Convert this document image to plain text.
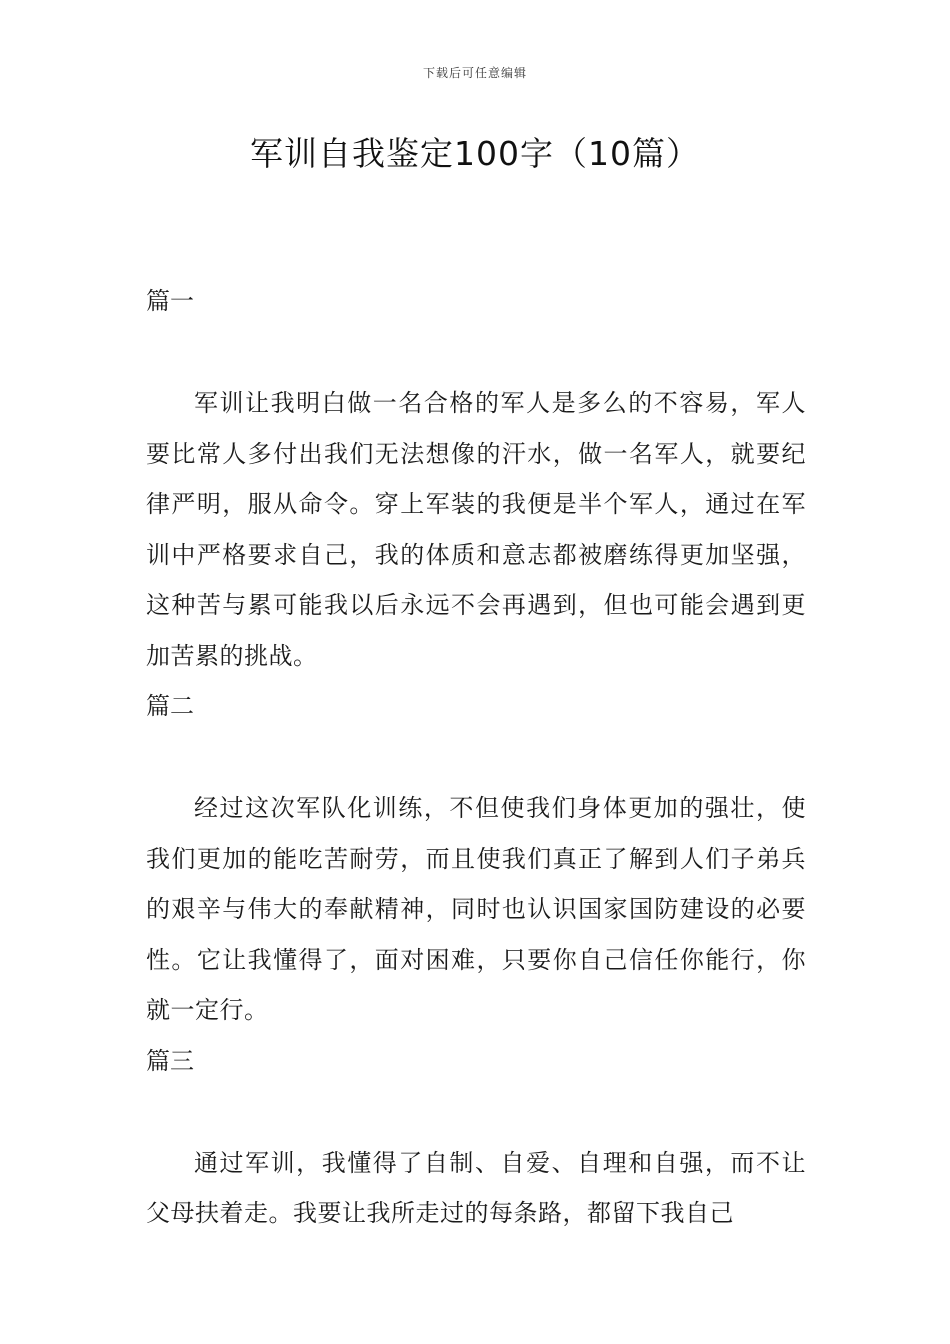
下载后可任意编辑
军训自我鉴定100字（10篇）
篇一

军训让我明白做一名合格的军人是多么的不容易，军人要比常人多付出我们无法想像的汗水，做一名军人，就要纪律严明，服从命令。穿上军装的我便是半个军人，通过在军训中严格要求自己，我的体质和意志都被磨练得更加坚强，这种苦与累可能我以后永远不会再遇到，但也可能会遇到更加苦累的挑战。

篇二

经过这次军队化训练，不但使我们身体更加的强壮，使我们更加的能吃苦耐劳，而且使我们真正了解到人们子弟兵的艰辛与伟大的奉献精神，同时也认识国家国防建设的必要性。它让我懂得了，面对困难，只要你自己信任你能行，你就一定行。

篇三

通过军训，我懂得了自制、自爱、自理和自强，而不让父母扶着走。我要让我所走过的每条路，都留下我自己
